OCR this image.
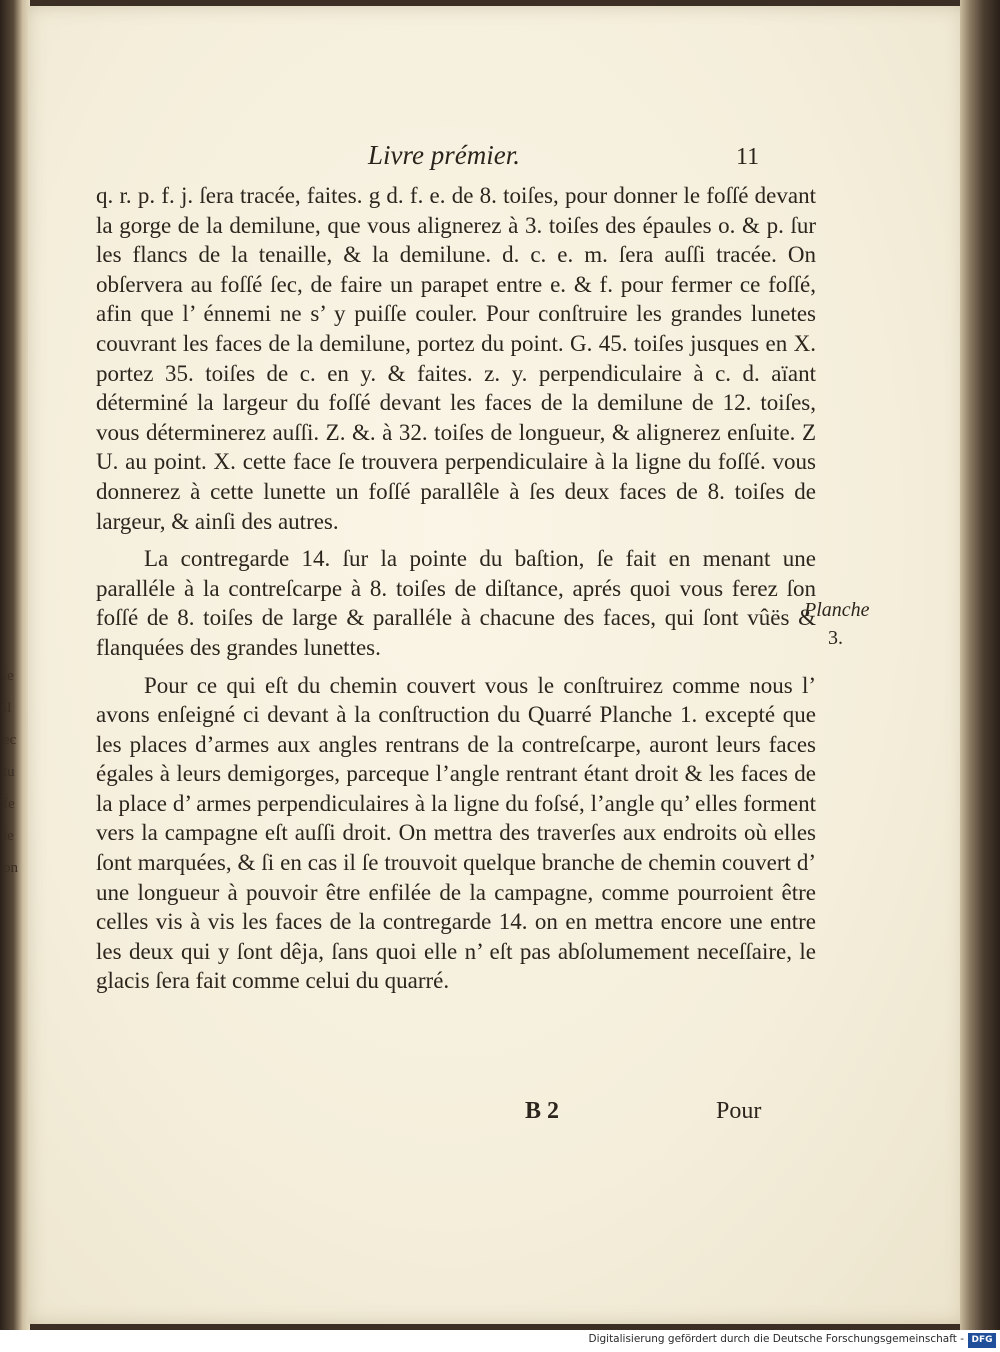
ie
il
ec
tu
fe
le
on
Livre prémier.	11

q. r. p. f. j. ſera tracée, faites. g d. f. e. de 8. toiſes, pour donner le foſſé devant la gorge de la demilune, que vous alignerez à 3. toiſes des épaules o. & p. ſur les flancs de la tenaille, & la demilune. d. c. e. m. ſera auſſi tracée. On obſervera au foſſé ſec, de faire un parapet entre e. & f. pour fermer ce foſſé, afin que l’ énnemi ne s’ y puiſſe couler. Pour conſtruire les grandes lunetes couvrant les faces de la demilune, portez du point. G. 45. toiſes jusques en X. portez 35. toiſes de c. en y. & faites. z. y. perpendiculaire à c. d. aïant déterminé la largeur du foſſé devant les faces de la demilune de 12. toiſes, vous déterminerez auſſi. Z. &. à 32. toiſes de longueur, & alignerez enſuite. Z U. au point. X. cette face ſe trouvera perpendiculaire à la ligne du foſſé. vous donnerez à cette lunette un foſſé parallêle à ſes deux faces de 8. toiſes de largeur, & ainſi des autres.

La contregarde 14. ſur la pointe du baſtion, ſe fait en menant une paralléle à la contreſcarpe à 8. toiſes de diſtance, aprés quoi vous ferez ſon foſſé de 8. toiſes de large & paralléle à chacune des faces, qui ſont vûës & flanquées des grandes lunettes.

Pour ce qui eſt du chemin couvert vous le conſtruirez comme nous l’ avons enſeigné ci devant à la conſtruction du Quarré Planche 1. excepté que les places d’armes aux angles rentrans de la contreſcarpe, auront leurs faces égales à leurs demigorges, parceque l’angle rentrant étant droit & les faces de la place d’ armes perpendiculaires à la ligne du foſsé, l’angle qu’ elles forment vers la campagne eſt auſſi droit. On mettra des traverſes aux endroits où elles ſont marquées, & ſi en cas il ſe trouvoit quelque branche de chemin couvert d’ une longueur à pouvoir être enfilée de la campagne, comme pourroient être celles vis à vis les faces de la contregarde 14. on en mettra encore une entre les deux qui y ſont dêja, ſans quoi elle n’ eſt pas abſolumement neceſſaire, le glacis ſera fait comme celui du quarré.

Planche
3.
B 2	Pour
Digitalisierung gefördert durch die Deutsche Forschungsgemeinschaft - DFG
